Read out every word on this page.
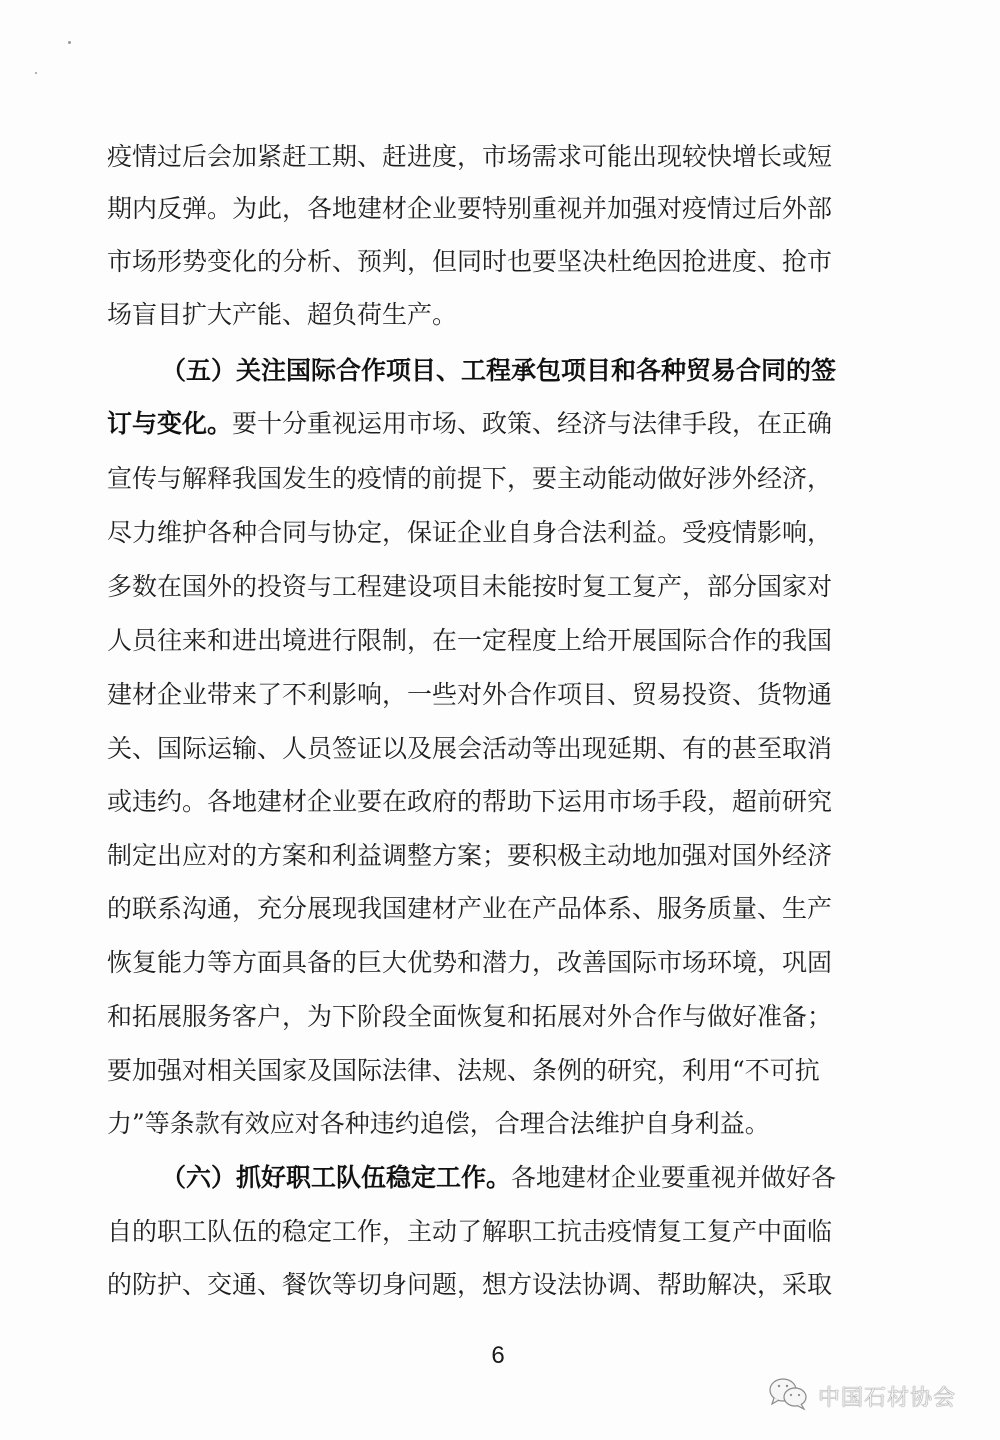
疫情过后会加紧赶工期、赶进度，市场需求可能出现较快增长或短
期内反弹。为此，各地建材企业要特别重视并加强对疫情过后外部
市场形势变化的分析、预判，但同时也要坚决杜绝因抢进度、抢市
场盲目扩大产能、超负荷生产。
（五）关注国际合作项目、工程承包项目和各种贸易合同的签
订与变化。要十分重视运用市场、政策、经济与法律手段，在正确
宣传与解释我国发生的疫情的前提下，要主动能动做好涉外经济，
尽力维护各种合同与协定，保证企业自身合法利益。受疫情影响，
多数在国外的投资与工程建设项目未能按时复工复产，部分国家对
人员往来和进出境进行限制，在一定程度上给开展国际合作的我国
建材企业带来了不利影响，一些对外合作项目、贸易投资、货物通
关、国际运输、人员签证以及展会活动等出现延期、有的甚至取消
或违约。各地建材企业要在政府的帮助下运用市场手段，超前研究
制定出应对的方案和利益调整方案；要积极主动地加强对国外经济
的联系沟通，充分展现我国建材产业在产品体系、服务质量、生产
恢复能力等方面具备的巨大优势和潜力，改善国际市场环境，巩固
和拓展服务客户，为下阶段全面恢复和拓展对外合作与做好准备；
要加强对相关国家及国际法律、法规、条例的研究，利用“不可抗
力”等条款有效应对各种违约追偿，合理合法维护自身利益。
（六）抓好职工队伍稳定工作。各地建材企业要重视并做好各
自的职工队伍的稳定工作，主动了解职工抗击疫情复工复产中面临
的防护、交通、餐饮等切身问题，想方设法协调、帮助解决，采取
6
中国石材协会
